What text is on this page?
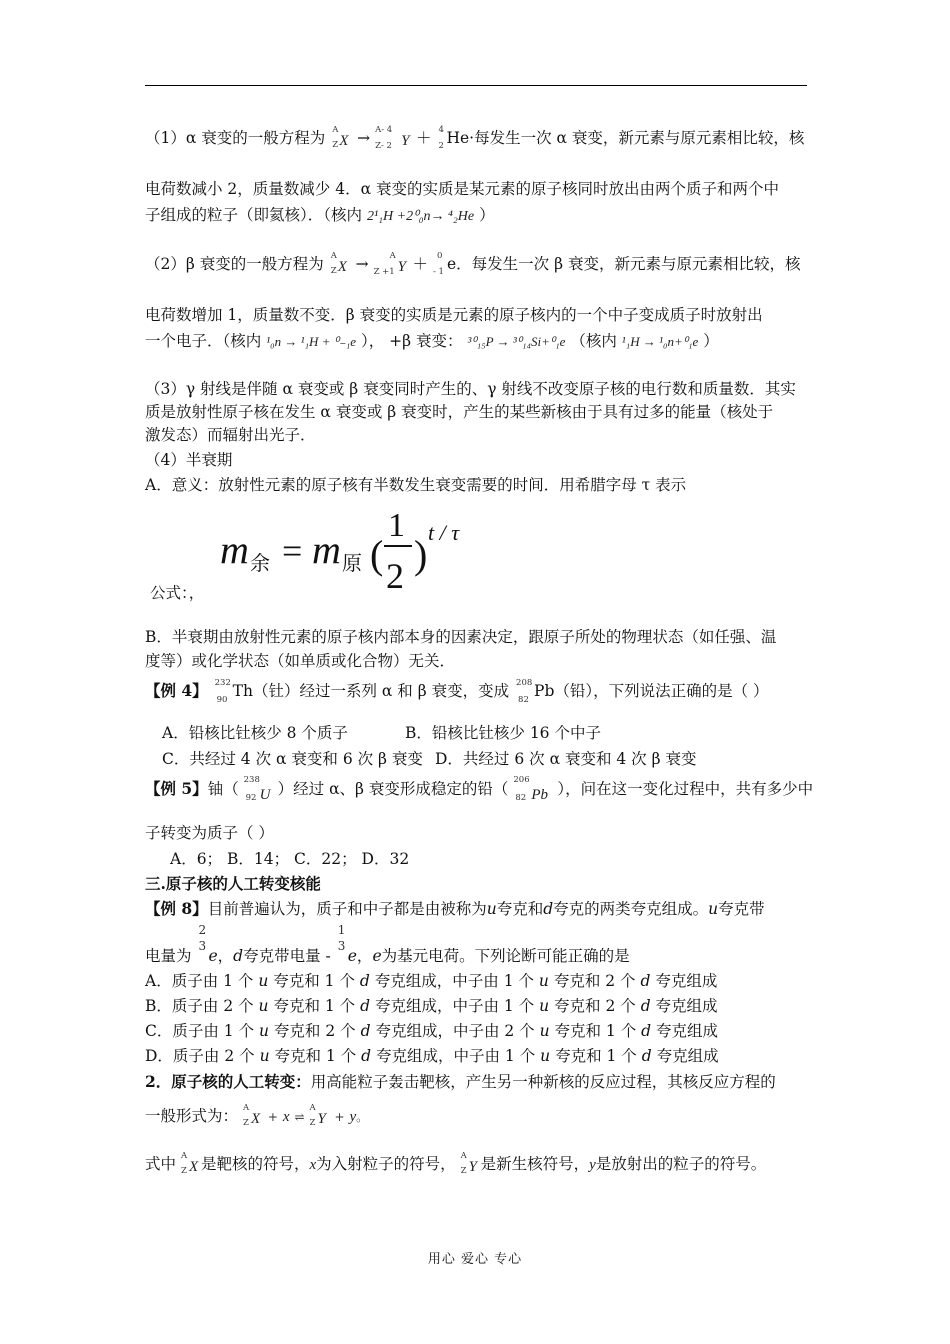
（1）α 衰变的一般方程为 A
Z X → A- 4
Z- 2 Y ＋ 4
2 He·每发生一次 α 衰变，新元素与原元素相比较，核
电荷数减小 2，质量数减少 4．α 衰变的实质是某元素的原子核同时放出由两个质子和两个中
子组成的粒子（即氦核）．（核内 2¹₁H +2⁰₀n→ ⁴₂He ）
（2）β 衰变的一般方程为 A
Z X → A
Z +1 Y ＋ 0
- 1 e．每发生一次 β 衰变，新元素与原元素相比较，核
电荷数增加 1，质量数不变．β 衰变的实质是元素的原子核内的一个中子变成质子时放射出
一个电子．（核内 ¹₀n → ¹₁H + ⁰₋₁e ）， +β 衰变： ³⁰₁₅P → ³⁰₁₄Si+⁰₁e （核内 ¹₁H → ¹₀n+⁰₁e ）
（3）γ 射线是伴随 α 衰变或 β 衰变同时产生的、γ 射线不改变原子核的电行数和质量数．其实
质是放射性原子核在发生 α 衰变或 β 衰变时，产生的某些新核由于具有过多的能量（核处于
激发态）而辐射出光子．
（4）半衰期
A．意义：放射性元素的原子核有半数发生衰变需要的时间．用希腊字母 τ 表示
m 余 = m 原 (
1
2 ) t / τ
公式：，
B．半衰期由放射性元素的原子核内部本身的因素决定，跟原子所处的物理状态（如任强、温
度等）或化学状态（如单质或化合物）无关．
【例 4】 232
90 Th（钍）经过一系列 α 和 β 衰变，变成 208
82 Pb（铅），下列说法正确的是（ ）
A．铅核比钍核少 8 个质子	B．铅核比钍核少 16 个中子
C．共经过 4 次 α 衰变和 6 次 β 衰变 D．共经过 6 次 α 衰变和 4 次 β 衰变
【例 5】铀（ 238
92 U ）经过 α、β 衰变形成稳定的铅（ 206
82 Pb ），问在这一变化过程中，共有多少中
子转变为质子（ ）
A．6； B．14； C．22； D．32
三.原子核的人工转变核能
【例 8】目前普遍认为，质子和中子都是由被称为u夸克和d夸克的两类夸克组成。u夸克带
电量为
2
3
e，d夸克带电量 -
1
3
e，e为基元电荷。下列论断可能正确的是
A．质子由 1 个 u 夸克和 1 个 d 夸克组成，中子由 1 个 u 夸克和 2 个 d 夸克组成
B．质子由 2 个 u 夸克和 1 个 d 夸克组成，中子由 1 个 u 夸克和 2 个 d 夸克组成
C．质子由 1 个 u 夸克和 2 个 d 夸克组成，中子由 2 个 u 夸克和 1 个 d 夸克组成
D．质子由 2 个 u 夸克和 1 个 d 夸克组成，中子由 1 个 u 夸克和 1 个 d 夸克组成
2．原子核的人工转变：用高能粒子轰击靶核，产生另一种新核的反应过程，其核反应方程的
一般形式为： A
Z X + x ⇌
A
Z Y + y。
式中 A
Z X 是靶核的符号，x为入射粒子的符号， A
Z Y 是新生核符号，y是放射出的粒子的符号。
用心 爱心 专心
